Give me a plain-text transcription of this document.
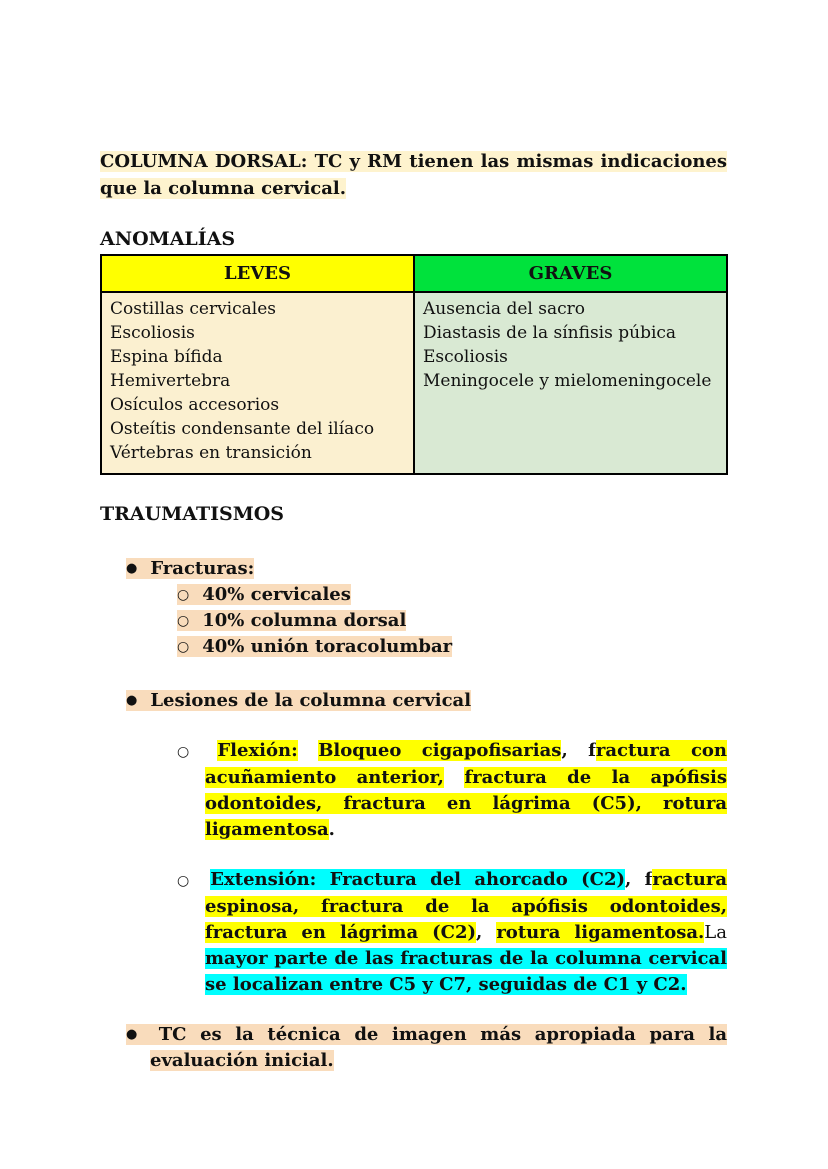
COLUMNA DORSAL: TC y RM tienen las mismas indicaciones que la columna cervical.

ANOMALÍAS
LEVES	GRAVES

Costillas cervicales
Escoliosis
Espina bífida
Hemivertebra
Osículos accesorios
Osteítis condensante del ilíaco
Vértebras en transición

Ausencia del sacro
Diastasis de la sínfisis púbica
Escoliosis
Meningocele y mielomeningocele
TRAUMATISMOS
● Fracturas:
○ 40% cervicales
○ 10% columna dorsal
○ 40% unión toracolumbar
● Lesiones de la columna cervical
○ Flexión: Bloqueo cigapofisarias, fractura con acuñamiento anterior, fractura de la apófisis odontoides, fractura en lágrima (C5), rotura ligamentosa.
○ Extensión: Fractura del ahorcado (C2), fractura espinosa, fractura de la apófisis odontoides, fractura en lágrima (C2), rotura ligamentosa.La mayor parte de las fracturas de la columna cervical se localizan entre C5 y C7, seguidas de C1 y C2.
● TC es la técnica de imagen más apropiada para la evaluación inicial.
